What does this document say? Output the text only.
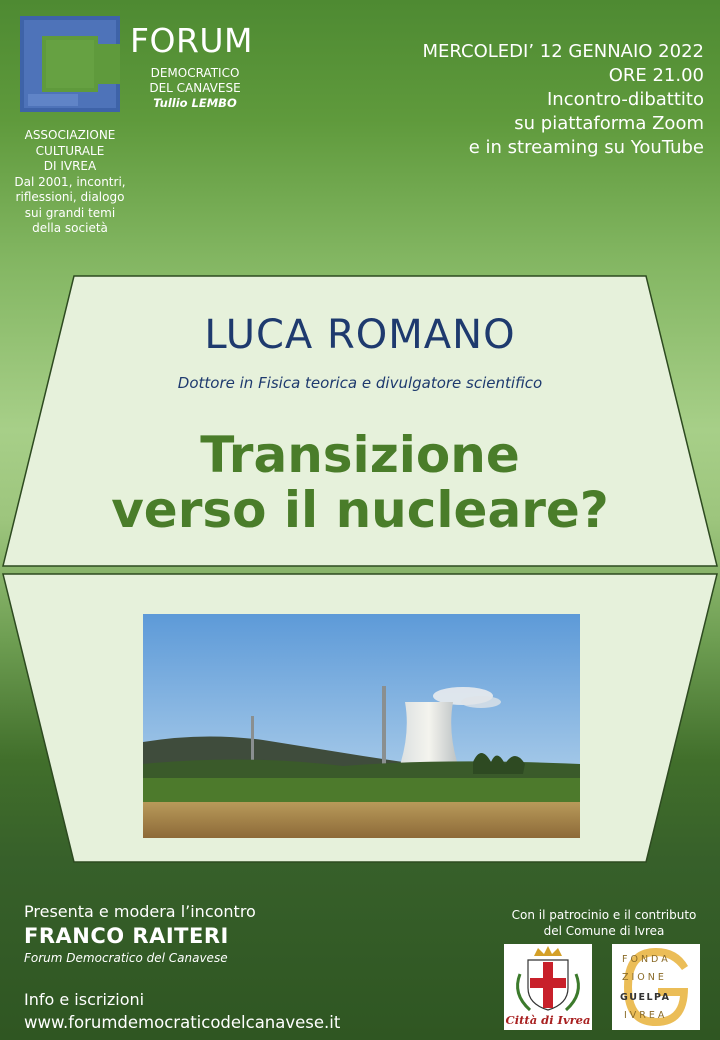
FORUM
DEMOCRATICO
DEL CANAVESE
Tullio LEMBO
ASSOCIAZIONE
CULTURALE
DI IVREA
Dal 2001, incontri,
riflessioni, dialogo
sui grandi temi
della società
MERCOLEDI’ 12 GENNAIO 2022
ORE 21.00
Incontro-dibattito
su piattaforma Zoom
e in streaming su YouTube
LUCA ROMANO
Dottore in Fisica teorica e divulgatore scientifico
Transizione
verso il nucleare?
Presenta e modera l’incontro
FRANCO RAITERI
Forum Democratico del Canavese
Info e iscrizioni
www.forumdemocraticodelcanavese.it
Con il patrocinio e il contributo
del Comune di Ivrea
Città di Ivrea
FONDA
ZIONE
GUELPA
IVREA
